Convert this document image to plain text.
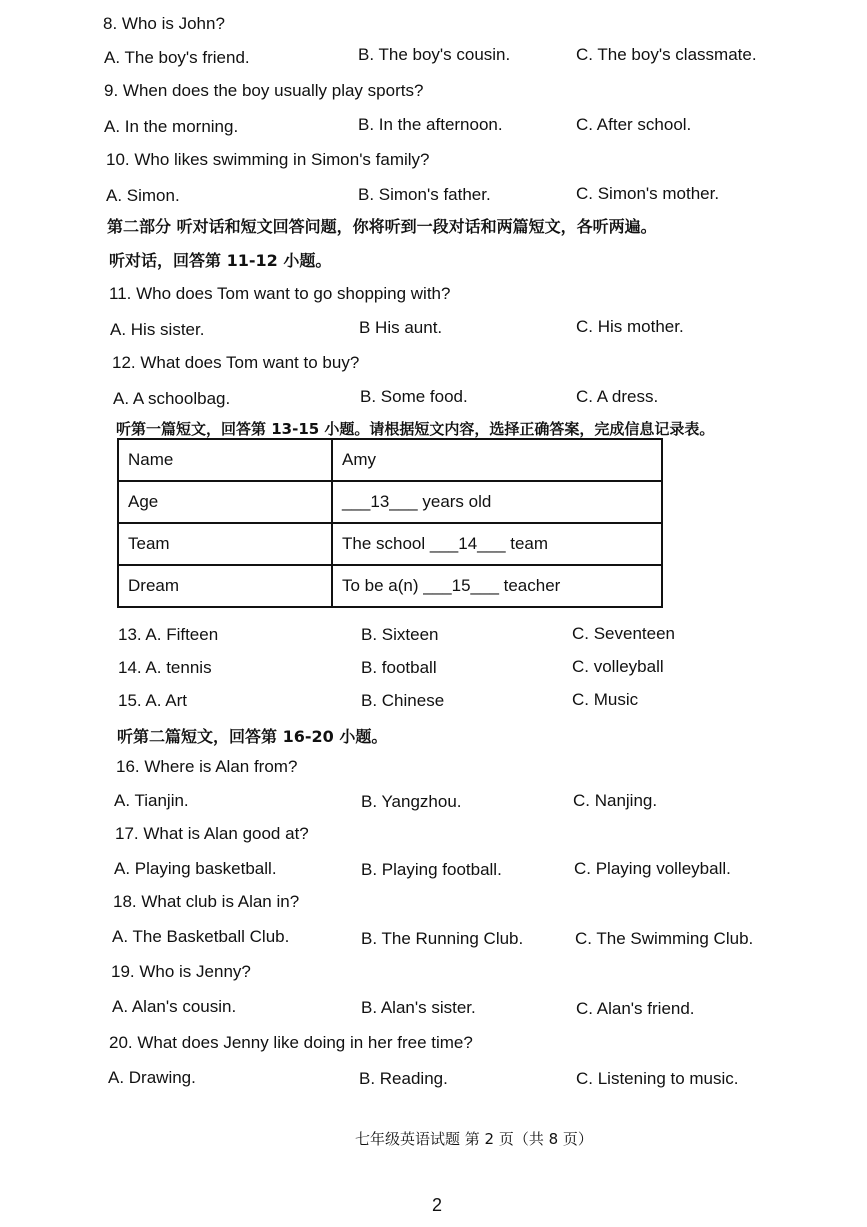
8. Who is John?
A. The boy's friend.	B. The boy's cousin.	C. The boy's classmate.
9. When does the boy usually play sports?
A. In the morning.	B. In the afternoon.	C. After school.
10. Who likes swimming in Simon's family?
A. Simon.	B. Simon's father.	C. Simon's mother.
第二部分 听对话和短文回答问题，你将听到一段对话和两篇短文，各听两遍。
听对话，回答第 11-12 小题。
11. Who does Tom want to go shopping with?
A. His sister.	B His aunt.	C. His mother.
12. What does Tom want to buy?
A. A schoolbag.	B. Some food.	C. A dress.
听第一篇短文，回答第 13-15 小题。请根据短文内容，选择正确答案，完成信息记录表。
Name	Amy
Age	___13___ years old
Team	The school ___14___ team
Dream	To be a(n) ___15___ teacher
13. A. Fifteen	B. Sixteen	C. Seventeen
14. A. tennis	B. football	C. volleyball
15. A. Art	B. Chinese	C. Music
听第二篇短文，回答第 16-20 小题。
16. Where is Alan from?
A. Tianjin.	B. Yangzhou.	C. Nanjing.
17. What is Alan good at?
A. Playing basketball.	B. Playing football.	C. Playing volleyball.
18. What club is Alan in?
A. The Basketball Club.	B. The Running Club.	C. The Swimming Club.
19. Who is Jenny?
A. Alan's cousin.	B. Alan's sister.	C. Alan's friend.
20. What does Jenny like doing in her free time?
A. Drawing.	B. Reading.	C. Listening to music.
七年级英语试题 第 2 页（共 8 页）
2
